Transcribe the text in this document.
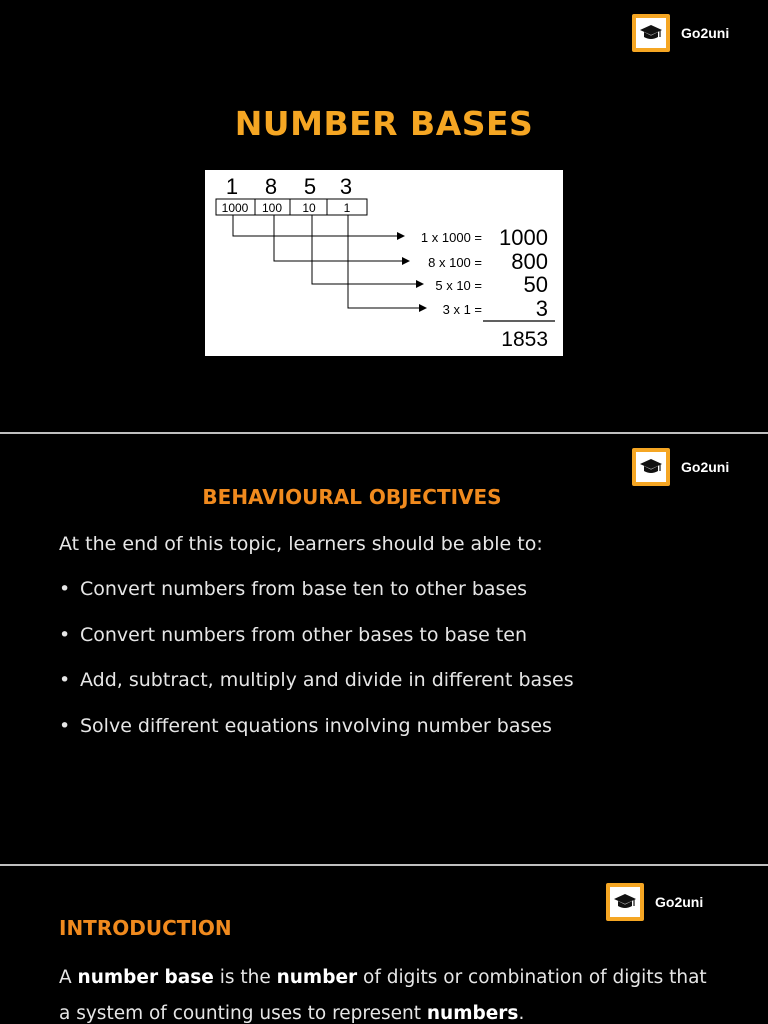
Go2uni
NUMBER BASES
1 8 5 3
1000 100 10 1
1 x 1000 =
8 x 100 =
5 x 10 =
3 x 1 =
1000
800
50
3
1853
Go2uni
BEHAVIOURAL OBJECTIVES
At the end of this topic, learners should be able to:
• Convert numbers from base ten to other bases
• Convert numbers from other bases to base ten
• Add, subtract, multiply and divide in different bases
• Solve different equations involving number bases
Go2uni
INTRODUCTION
A number base is the number of digits or combination of digits that a system of counting uses to represent numbers.
